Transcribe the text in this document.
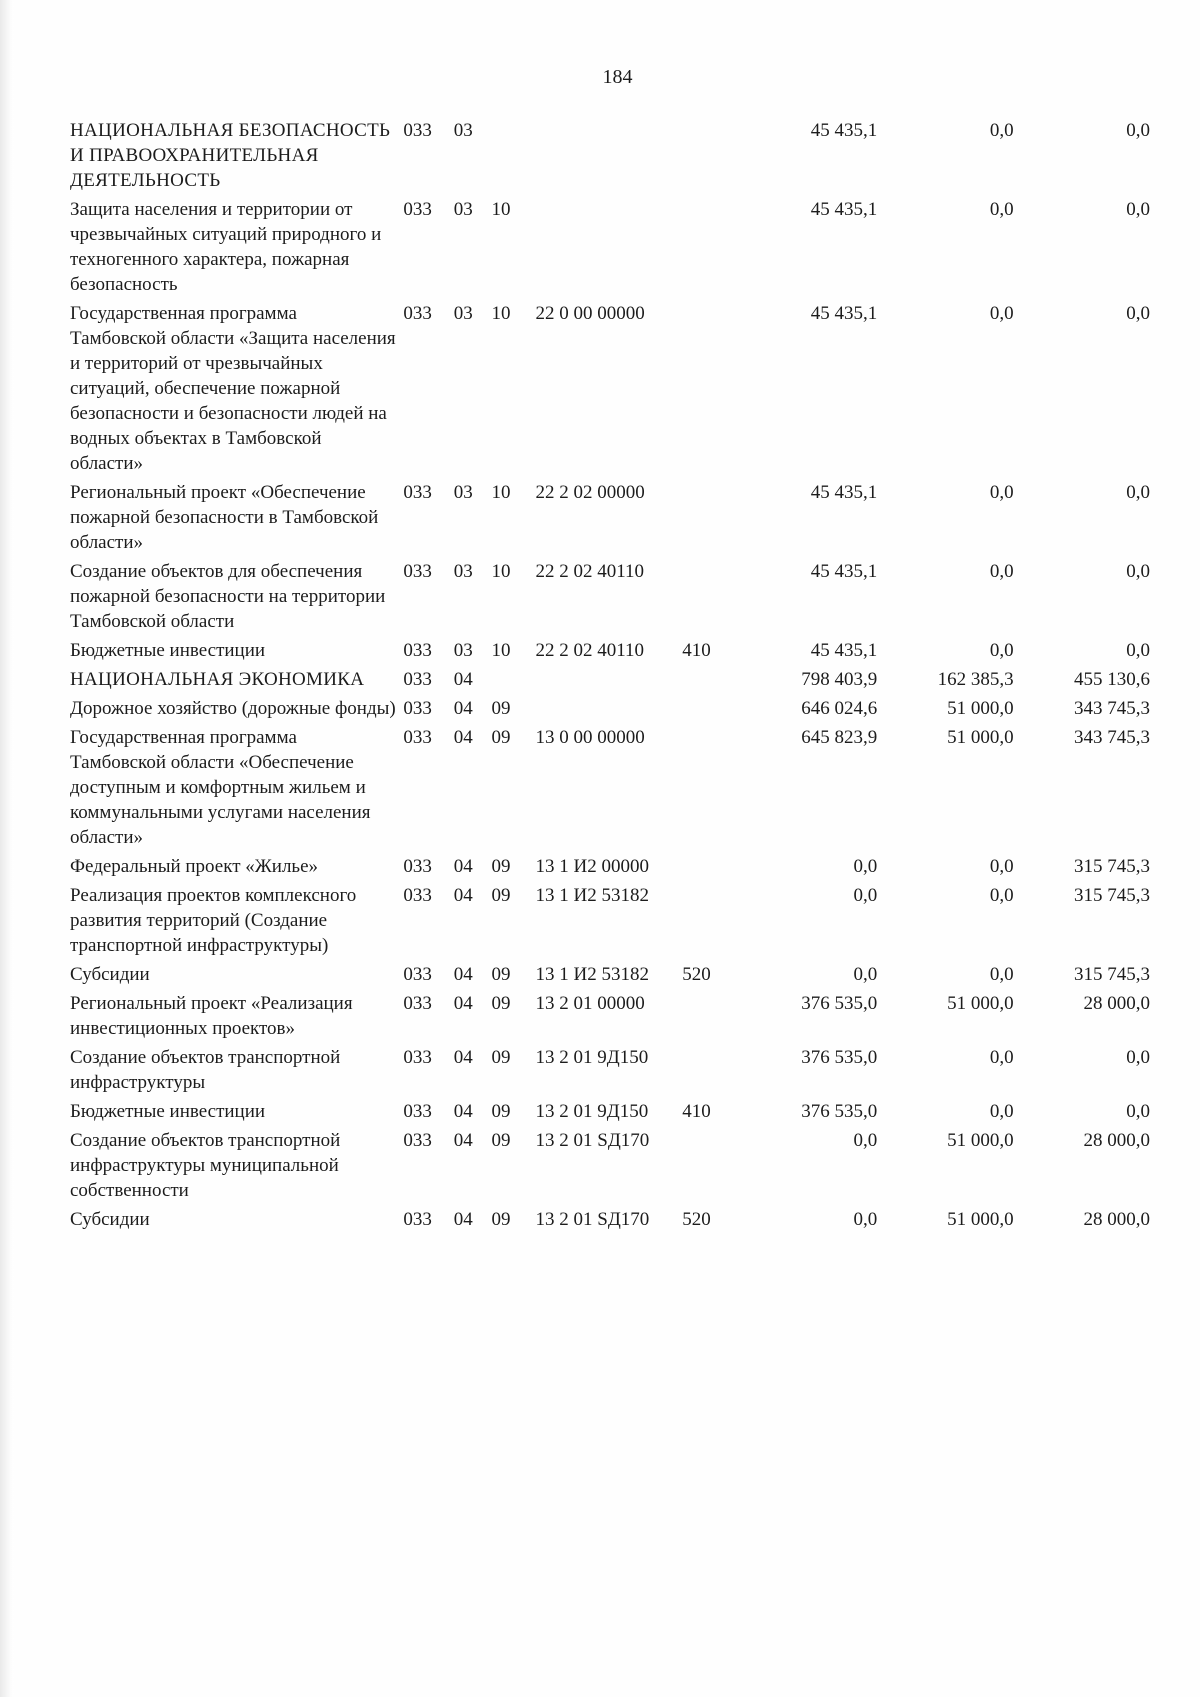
184
НАЦИОНАЛЬНАЯ БЕЗОПАСНОСТЬ И ПРАВООХРАНИТЕЛЬНАЯ ДЕЯТЕЛЬНОСТЬ	033	03				45 435,1	0,0	0,0
Защита населения и территории от чрезвычайных ситуаций природного и техногенного характера, пожарная безопасность	033	03	10			45 435,1	0,0	0,0
Государственная программа Тамбовской области «Защита населения и территорий от чрезвычайных ситуаций, обеспечение пожарной безопасности и безопасности людей на водных объектах в Тамбовской области»	033	03	10	22 0 00 00000		45 435,1	0,0	0,0
Региональный проект «Обеспечение пожарной безопасности в Тамбовской области»	033	03	10	22 2 02 00000		45 435,1	0,0	0,0
Создание объектов для обеспечения пожарной безопасности на территории Тамбовской области	033	03	10	22 2 02 40110		45 435,1	0,0	0,0
Бюджетные инвестиции	033	03	10	22 2 02 40110	410	45 435,1	0,0	0,0
НАЦИОНАЛЬНАЯ ЭКОНОМИКА	033	04				798 403,9	162 385,3	455 130,6
Дорожное хозяйство (дорожные фонды)	033	04	09			646 024,6	51 000,0	343 745,3
Государственная программа Тамбовской области «Обеспечение доступным и комфортным жильем и коммунальными услугами населения области»	033	04	09	13 0 00 00000		645 823,9	51 000,0	343 745,3
Федеральный проект «Жилье»	033	04	09	13 1 И2 00000		0,0	0,0	315 745,3
Реализация проектов комплексного развития территорий (Создание транспортной инфраструктуры)	033	04	09	13 1 И2 53182		0,0	0,0	315 745,3
Субсидии	033	04	09	13 1 И2 53182	520	0,0	0,0	315 745,3
Региональный проект «Реализация инвестиционных проектов»	033	04	09	13 2 01 00000		376 535,0	51 000,0	28 000,0
Создание объектов транспортной инфраструктуры	033	04	09	13 2 01 9Д150		376 535,0	0,0	0,0
Бюджетные инвестиции	033	04	09	13 2 01 9Д150	410	376 535,0	0,0	0,0
Создание объектов транспортной инфраструктуры муниципальной собственности	033	04	09	13 2 01 SД170		0,0	51 000,0	28 000,0
Субсидии	033	04	09	13 2 01 SД170	520	0,0	51 000,0	28 000,0
